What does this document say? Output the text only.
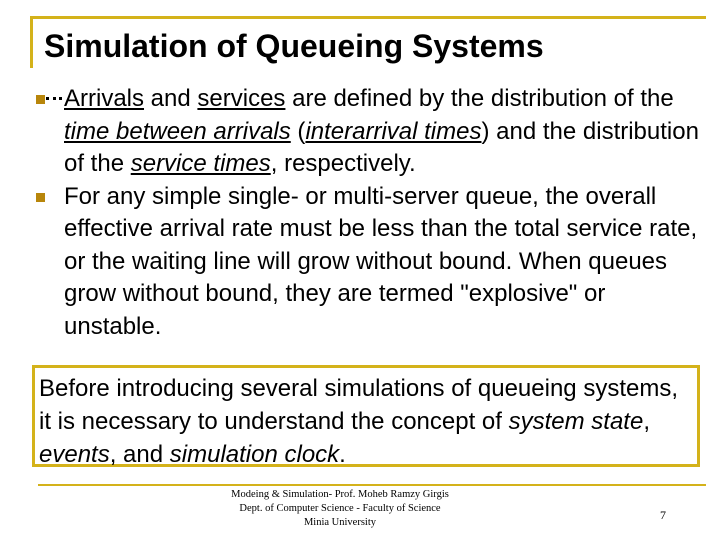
Simulation of Queueing Systems
Arrivals and services are defined by the distribution of the time between arrivals (interarrival times) and the distribution of the service times, respectively.
For any simple single- or multi-server queue, the overall effective arrival rate must be less than the total service rate, or the waiting line will grow without bound. When queues grow without bound, they are termed "explosive" or unstable.
Before introducing several simulations of queueing systems, it is necessary to understand the concept of system state, events, and simulation clock.
Modeing & Simulation- Prof. Moheb Ramzy Girgis
Dept. of Computer Science - Faculty of Science
Minia University
7
